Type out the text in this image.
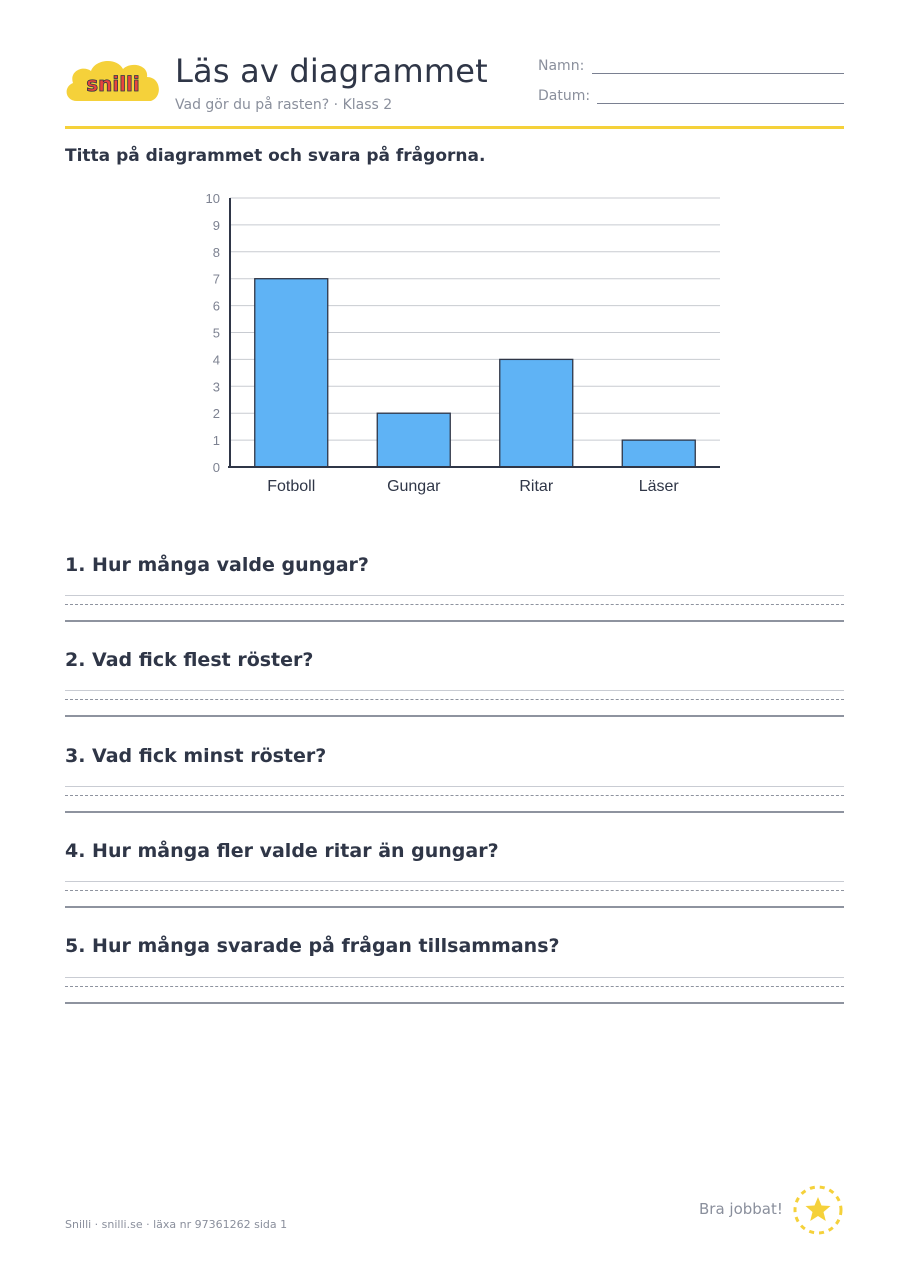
snilli Läs av diagrammet
Vad gör du på rasten? · Klass 2
Namn:
Datum:
Titta på diagrammet och svara på frågorna.
0
1
2
3
4
5
6
7
8
9
10
Fotboll	Gungar	Ritar	Läser
1. Hur många valde gungar?
2. Vad fick flest röster?
3. Vad fick minst röster?
4. Hur många fler valde ritar än gungar?
5. Hur många svarade på frågan tillsammans?
Snilli · snilli.se · läxa nr 97361262 sida 1
Bra jobbat!
